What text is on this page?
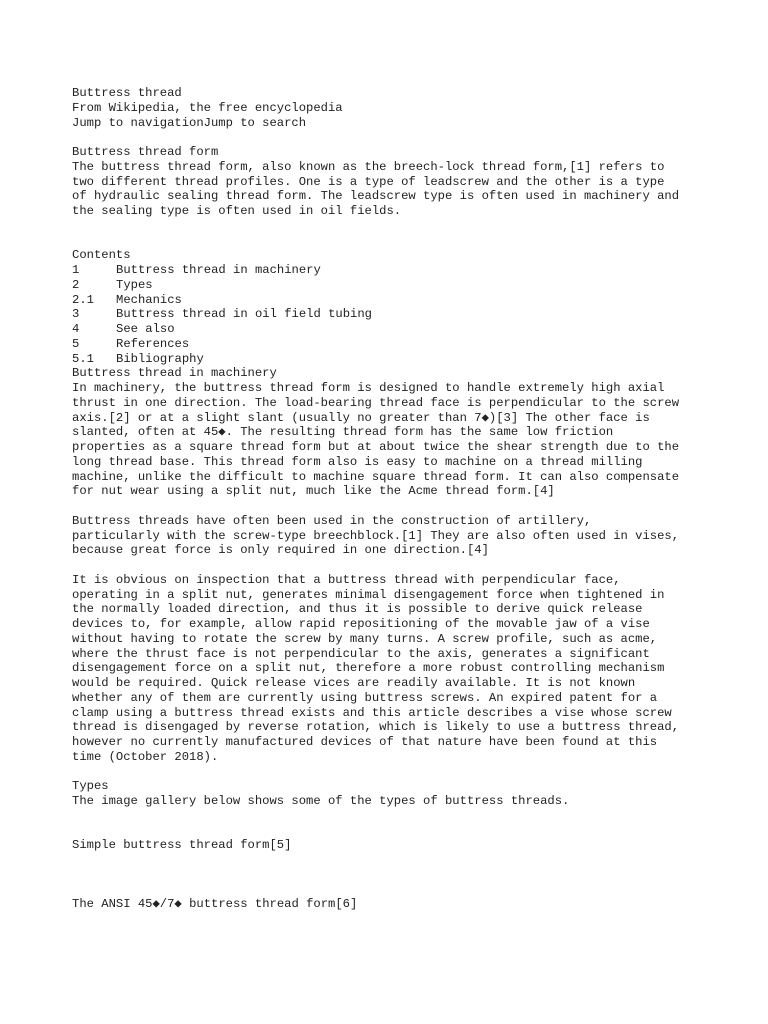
Buttress thread
From Wikipedia, the free encyclopedia
Jump to navigationJump to search
Buttress thread form
The buttress thread form, also known as the breech-lock thread form,[1] refers to
two different thread profiles. One is a type of leadscrew and the other is a type
of hydraulic sealing thread form. The leadscrew type is often used in machinery and
the sealing type is often used in oil fields.
Contents
1	Buttress thread in machinery
2	Types
2.1 Mechanics
3	Buttress thread in oil field tubing
4	See also
5	References
5.1 Bibliography
Buttress thread in machinery
In machinery, the buttress thread form is designed to handle extremely high axial
thrust in one direction. The load-bearing thread face is perpendicular to the screw
axis.[2] or at a slight slant (usually no greater than 7◆)[3] The other face is
slanted, often at 45◆. The resulting thread form has the same low friction
properties as a square thread form but at about twice the shear strength due to the
long thread base. This thread form also is easy to machine on a thread milling
machine, unlike the difficult to machine square thread form. It can also compensate
for nut wear using a split nut, much like the Acme thread form.[4]
Buttress threads have often been used in the construction of artillery,
particularly with the screw-type breechblock.[1] They are also often used in vises,
because great force is only required in one direction.[4]
It is obvious on inspection that a buttress thread with perpendicular face,
operating in a split nut, generates minimal disengagement force when tightened in
the normally loaded direction, and thus it is possible to derive quick release
devices to, for example, allow rapid repositioning of the movable jaw of a vise
without having to rotate the screw by many turns. A screw profile, such as acme,
where the thrust face is not perpendicular to the axis, generates a significant
disengagement force on a split nut, therefore a more robust controlling mechanism
would be required. Quick release vices are readily available. It is not known
whether any of them are currently using buttress screws. An expired patent for a
clamp using a buttress thread exists and this article describes a vise whose screw
thread is disengaged by reverse rotation, which is likely to use a buttress thread,
however no currently manufactured devices of that nature have been found at this
time (October 2018).
Types
The image gallery below shows some of the types of buttress threads.
Simple buttress thread form[5]
The ANSI 45◆/7◆ buttress thread form[6]
